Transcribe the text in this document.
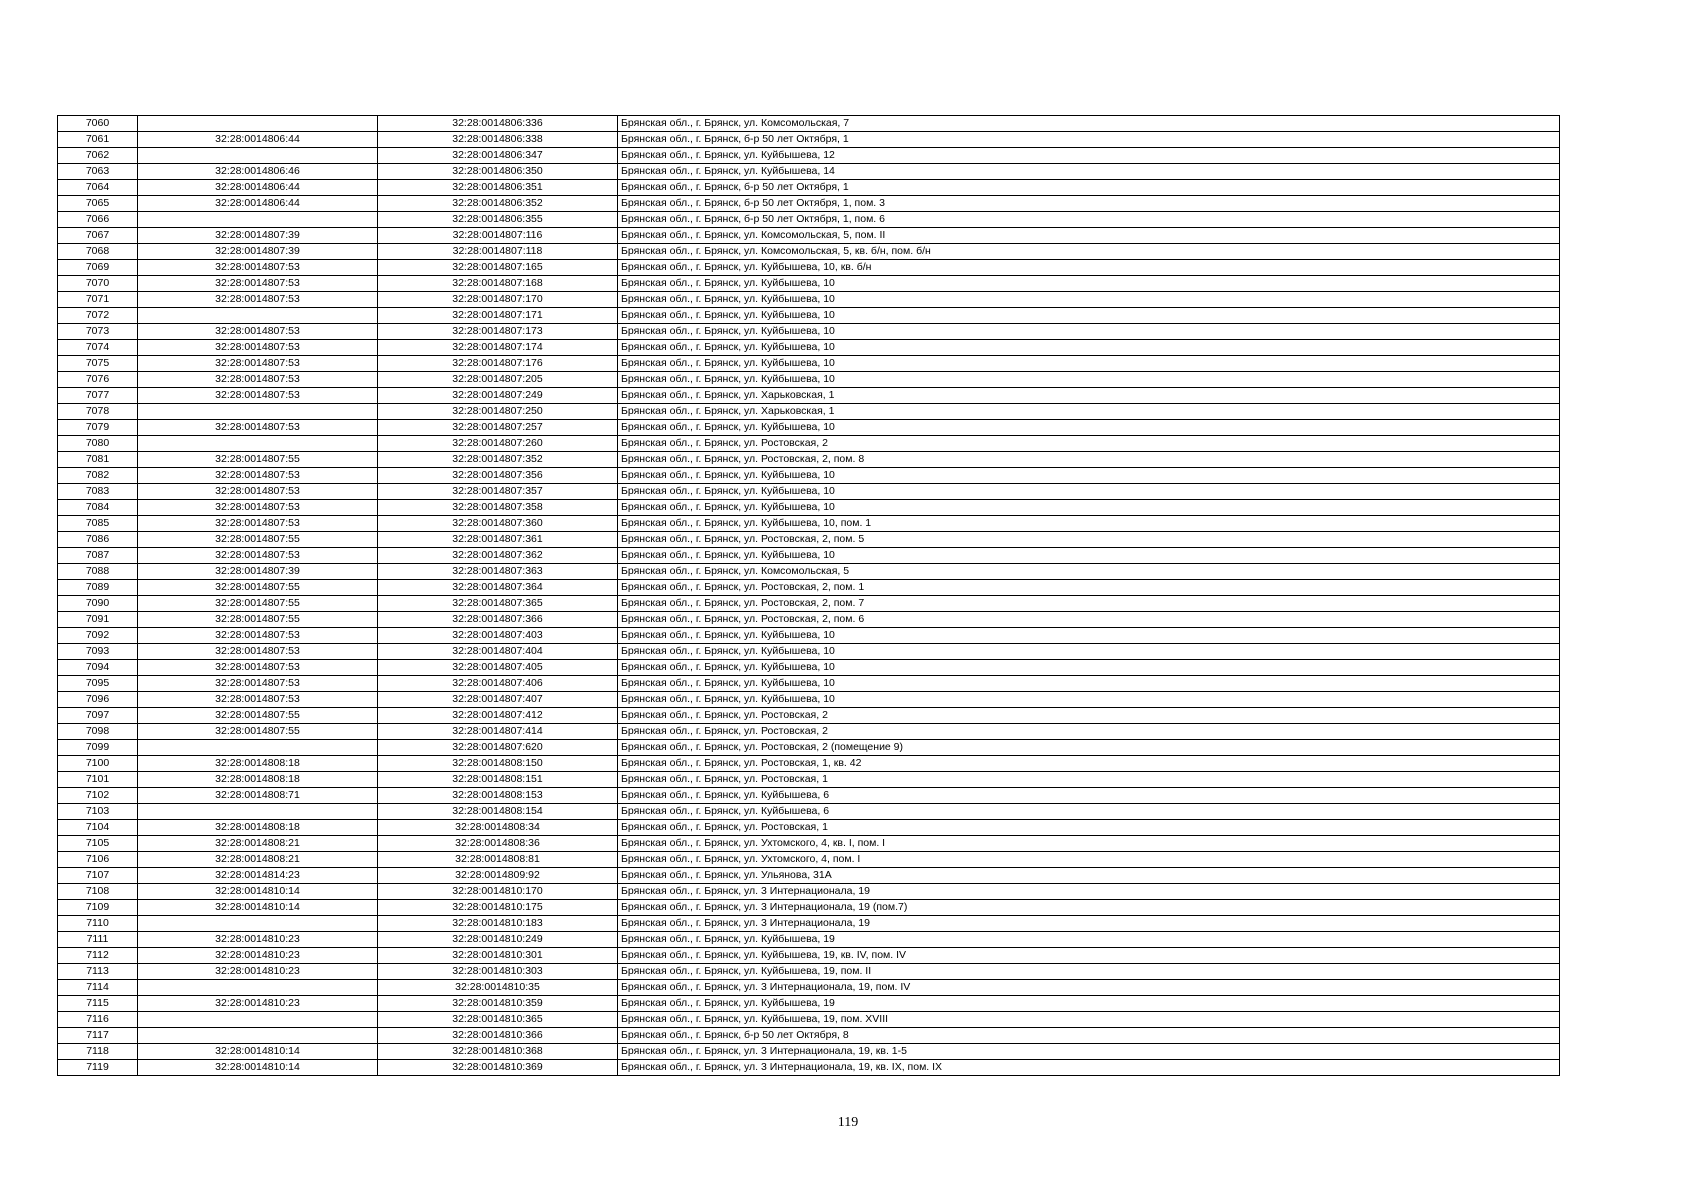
7060		32:28:0014806:336	Брянская обл., г. Брянск, ул. Комсомольская, 7
7061	32:28:0014806:44	32:28:0014806:338	Брянская обл., г. Брянск, б-р 50 лет Октября, 1
7062		32:28:0014806:347	Брянская обл., г. Брянск, ул. Куйбышева, 12
7063	32:28:0014806:46	32:28:0014806:350	Брянская обл., г. Брянск, ул. Куйбышева, 14
7064	32:28:0014806:44	32:28:0014806:351	Брянская обл., г. Брянск, б-р 50 лет Октября, 1
7065	32:28:0014806:44	32:28:0014806:352	Брянская обл., г. Брянск, б-р 50 лет Октября, 1, пом. 3
7066		32:28:0014806:355	Брянская обл., г. Брянск, б-р 50 лет Октября, 1, пом. 6
7067	32:28:0014807:39	32:28:0014807:116	Брянская обл., г. Брянск, ул. Комсомольская, 5, пом. II
7068	32:28:0014807:39	32:28:0014807:118	Брянская обл., г. Брянск, ул. Комсомольская, 5, кв. б/н, пом. б/н
7069	32:28:0014807:53	32:28:0014807:165	Брянская обл., г. Брянск, ул. Куйбышева, 10, кв. б/н
7070	32:28:0014807:53	32:28:0014807:168	Брянская обл., г. Брянск, ул. Куйбышева, 10
7071	32:28:0014807:53	32:28:0014807:170	Брянская обл., г. Брянск, ул. Куйбышева, 10
7072		32:28:0014807:171	Брянская обл., г. Брянск, ул. Куйбышева, 10
7073	32:28:0014807:53	32:28:0014807:173	Брянская обл., г. Брянск, ул. Куйбышева, 10
7074	32:28:0014807:53	32:28:0014807:174	Брянская обл., г. Брянск, ул. Куйбышева, 10
7075	32:28:0014807:53	32:28:0014807:176	Брянская обл., г. Брянск, ул. Куйбышева, 10
7076	32:28:0014807:53	32:28:0014807:205	Брянская обл., г. Брянск, ул. Куйбышева, 10
7077	32:28:0014807:53	32:28:0014807:249	Брянская обл., г. Брянск, ул. Харьковская, 1
7078		32:28:0014807:250	Брянская обл., г. Брянск, ул. Харьковская, 1
7079	32:28:0014807:53	32:28:0014807:257	Брянская обл., г. Брянск, ул. Куйбышева, 10
7080		32:28:0014807:260	Брянская обл., г. Брянск, ул. Ростовская, 2
7081	32:28:0014807:55	32:28:0014807:352	Брянская обл., г. Брянск, ул. Ростовская, 2, пом. 8
7082	32:28:0014807:53	32:28:0014807:356	Брянская обл., г. Брянск, ул. Куйбышева, 10
7083	32:28:0014807:53	32:28:0014807:357	Брянская обл., г. Брянск, ул. Куйбышева, 10
7084	32:28:0014807:53	32:28:0014807:358	Брянская обл., г. Брянск, ул. Куйбышева, 10
7085	32:28:0014807:53	32:28:0014807:360	Брянская обл., г. Брянск, ул. Куйбышева, 10, пом. 1
7086	32:28:0014807:55	32:28:0014807:361	Брянская обл., г. Брянск, ул. Ростовская, 2, пом. 5
7087	32:28:0014807:53	32:28:0014807:362	Брянская обл., г. Брянск, ул. Куйбышева, 10
7088	32:28:0014807:39	32:28:0014807:363	Брянская обл., г. Брянск, ул. Комсомольская, 5
7089	32:28:0014807:55	32:28:0014807:364	Брянская обл., г. Брянск, ул. Ростовская, 2, пом. 1
7090	32:28:0014807:55	32:28:0014807:365	Брянская обл., г. Брянск, ул. Ростовская, 2, пом. 7
7091	32:28:0014807:55	32:28:0014807:366	Брянская обл., г. Брянск, ул. Ростовская, 2, пом. 6
7092	32:28:0014807:53	32:28:0014807:403	Брянская обл., г. Брянск, ул. Куйбышева, 10
7093	32:28:0014807:53	32:28:0014807:404	Брянская обл., г. Брянск, ул. Куйбышева, 10
7094	32:28:0014807:53	32:28:0014807:405	Брянская обл., г. Брянск, ул. Куйбышева, 10
7095	32:28:0014807:53	32:28:0014807:406	Брянская обл., г. Брянск, ул. Куйбышева, 10
7096	32:28:0014807:53	32:28:0014807:407	Брянская обл., г. Брянск, ул. Куйбышева, 10
7097	32:28:0014807:55	32:28:0014807:412	Брянская обл., г. Брянск, ул. Ростовская, 2
7098	32:28:0014807:55	32:28:0014807:414	Брянская обл., г. Брянск, ул. Ростовская, 2
7099		32:28:0014807:620	Брянская обл., г. Брянск, ул. Ростовская, 2 (помещение 9)
7100	32:28:0014808:18	32:28:0014808:150	Брянская обл., г. Брянск, ул. Ростовская, 1, кв. 42
7101	32:28:0014808:18	32:28:0014808:151	Брянская обл., г. Брянск, ул. Ростовская, 1
7102	32:28:0014808:71	32:28:0014808:153	Брянская обл., г. Брянск, ул. Куйбышева, 6
7103		32:28:0014808:154	Брянская обл., г. Брянск, ул. Куйбышева, 6
7104	32:28:0014808:18	32:28:0014808:34	Брянская обл., г. Брянск, ул. Ростовская, 1
7105	32:28:0014808:21	32:28:0014808:36	Брянская обл., г. Брянск, ул. Ухтомского, 4, кв. I, пом. I
7106	32:28:0014808:21	32:28:0014808:81	Брянская обл., г. Брянск, ул. Ухтомского, 4, пом. I
7107	32:28:0014814:23	32:28:0014809:92	Брянская обл., г. Брянск, ул. Ульянова, 31А
7108	32:28:0014810:14	32:28:0014810:170	Брянская обл., г. Брянск, ул. 3 Интернационала, 19
7109	32:28:0014810:14	32:28:0014810:175	Брянская обл., г. Брянск, ул. 3 Интернационала, 19 (пом.7)
7110		32:28:0014810:183	Брянская обл., г. Брянск, ул. 3 Интернационала, 19
7111	32:28:0014810:23	32:28:0014810:249	Брянская обл., г. Брянск, ул. Куйбышева, 19
7112	32:28:0014810:23	32:28:0014810:301	Брянская обл., г. Брянск, ул. Куйбышева, 19, кв. IV, пом. IV
7113	32:28:0014810:23	32:28:0014810:303	Брянская обл., г. Брянск, ул. Куйбышева, 19, пом. II
7114		32:28:0014810:35	Брянская обл., г. Брянск, ул. 3 Интернационала, 19, пом. IV
7115	32:28:0014810:23	32:28:0014810:359	Брянская обл., г. Брянск, ул. Куйбышева, 19
7116		32:28:0014810:365	Брянская обл., г. Брянск, ул. Куйбышева, 19, пом. XVIII
7117		32:28:0014810:366	Брянская обл., г. Брянск, б-р 50 лет Октября, 8
7118	32:28:0014810:14	32:28:0014810:368	Брянская обл., г. Брянск, ул. 3 Интернационала, 19, кв. 1-5
7119	32:28:0014810:14	32:28:0014810:369	Брянская обл., г. Брянск, ул. 3 Интернационала, 19, кв. IX, пом. IX
119
